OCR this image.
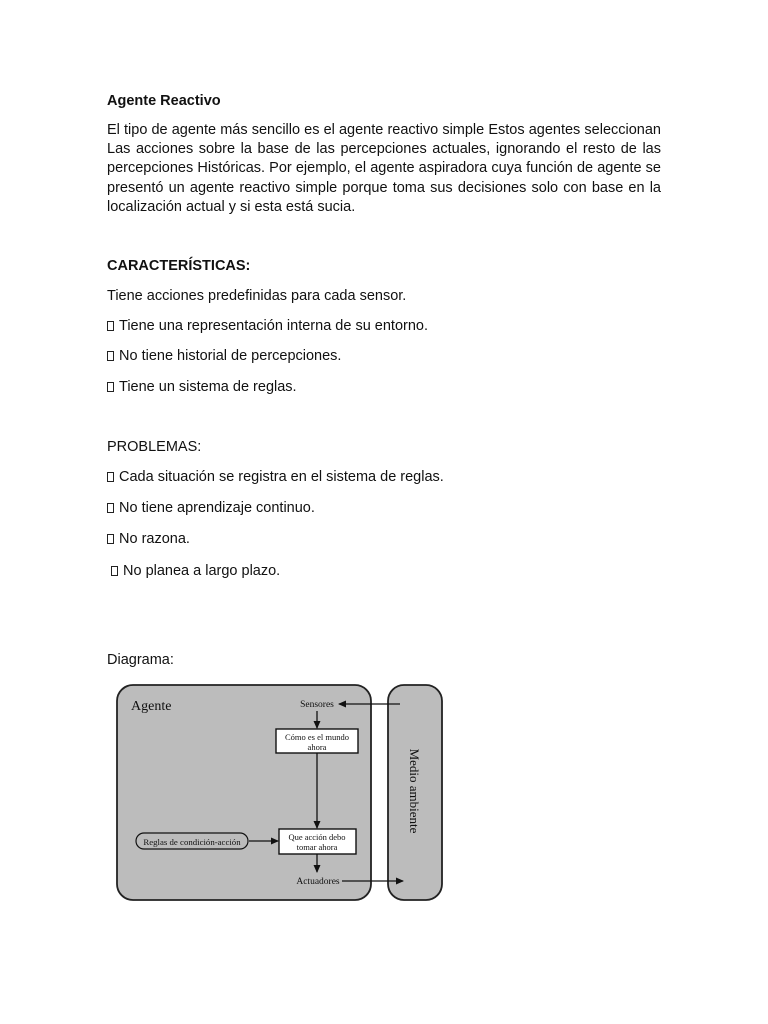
Agente Reactivo
El tipo de agente más sencillo es el agente reactivo simple Estos agentes seleccionan Las acciones sobre la base de las percepciones actuales, ignorando el resto de las percepciones Históricas. Por ejemplo, el agente aspiradora cuya función de agente se presentó un agente reactivo simple porque toma sus decisiones solo con base en la localización actual y si esta está sucia.
CARACTERÍSTICAS:
Tiene acciones predefinidas para cada sensor.
Tiene una representación interna de su entorno.
No tiene historial de percepciones.
Tiene un sistema de reglas.
PROBLEMAS:
Cada situación se registra en el sistema de reglas.
No tiene aprendizaje continuo.
No razona.
No planea a largo plazo.
Diagrama:
Agente
Medio ambiente
Sensores
Cómo es el mundo
ahora
Reglas de condición-acción	Que acción debo
tomar ahora
Actuadores
